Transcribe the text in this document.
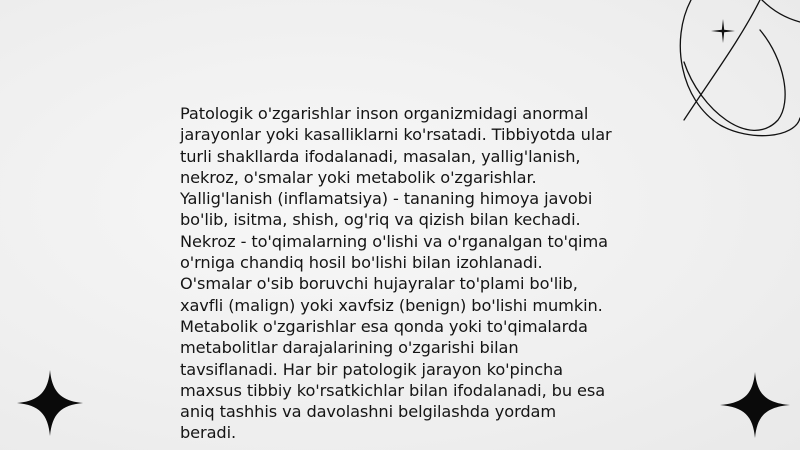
Patologik o'zgarishlar inson organizmidagi anormal
jarayonlar yoki kasalliklarni ko'rsatadi. Tibbiyotda ular
turli shakllarda ifodalanadi, masalan, yallig'lanish,
nekroz, o'smalar yoki metabolik o'zgarishlar.
Yallig'lanish (inflamatsiya) - tananing himoya javobi
bo'lib, isitma, shish, og'riq va qizish bilan kechadi.
Nekroz - to'qimalarning o'lishi va o'rganalgan to'qima
o'rniga chandiq hosil bo'lishi bilan izohlanadi.
O'smalar o'sib boruvchi hujayralar to'plami bo'lib,
xavfli (malign) yoki xavfsiz (benign) bo'lishi mumkin.
Metabolik o'zgarishlar esa qonda yoki to'qimalarda
metabolitlar darajalarining o'zgarishi bilan
tavsiflanadi. Har bir patologik jarayon ko'pincha
maxsus tibbiy ko'rsatkichlar bilan ifodalanadi, bu esa
aniq tashhis va davolashni belgilashda yordam
beradi.
